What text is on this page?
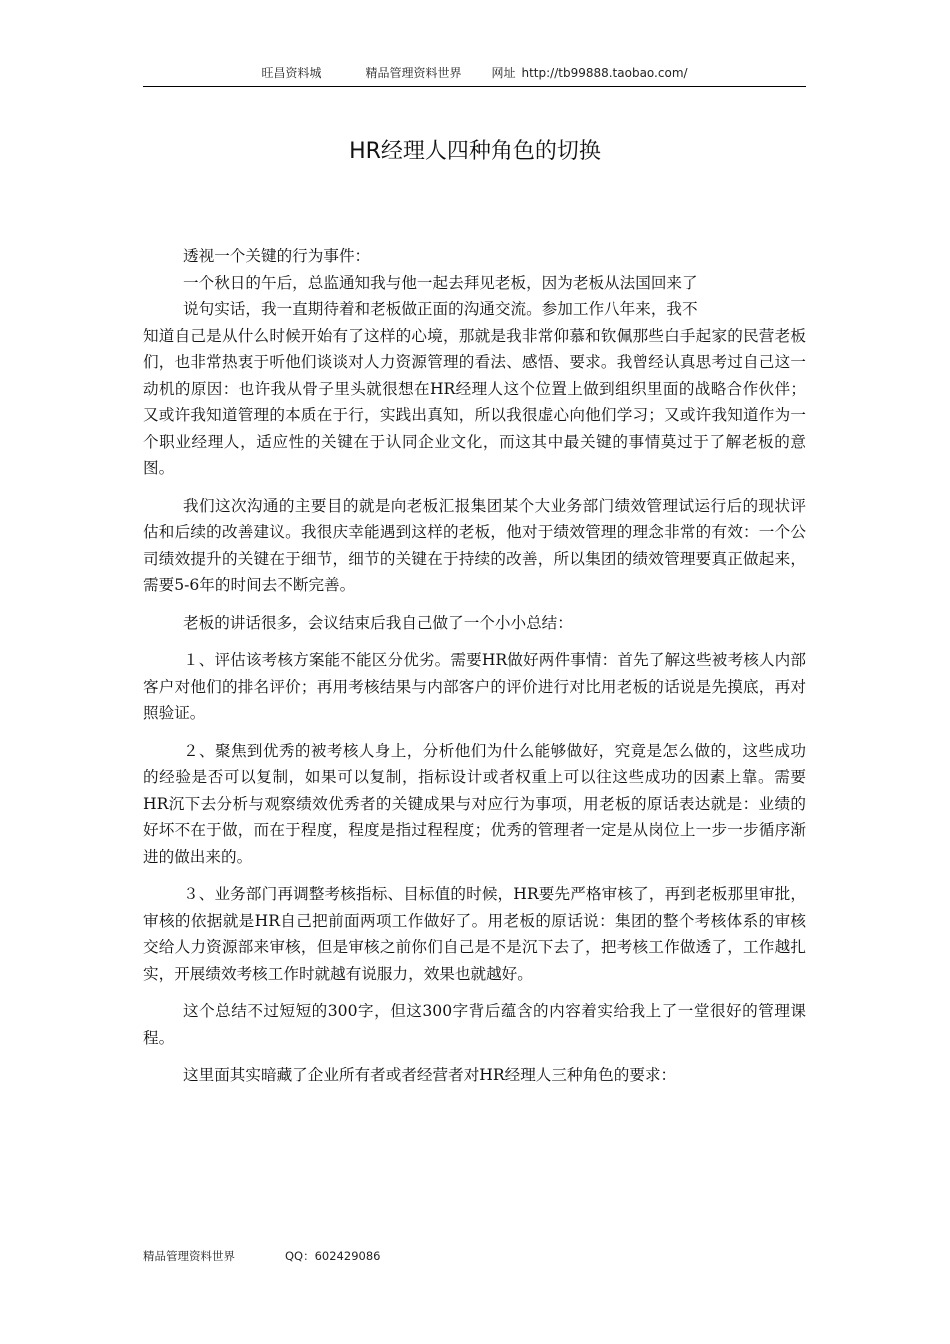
旺昌资料城	精品管理资料世界	网址 http://tb99888.taobao.com/
HR经理人四种角色的切换

透视一个关键的行为事件：

一个秋日的午后，总监通知我与他一起去拜见老板，因为老板从法国回来了

说句实话，我一直期待着和老板做正面的沟通交流。参加工作八年来，我不

知道自己是从什么时候开始有了这样的心境，那就是我非常仰慕和钦佩那些白手起家的民营老板们，也非常热衷于听他们谈谈对人力资源管理的看法、感悟、要求。我曾经认真思考过自己这一动机的原因：也许我从骨子里头就很想在HR经理人这个位置上做到组织里面的战略合作伙伴；又或许我知道管理的本质在于行，实践出真知，所以我很虚心向他们学习；又或许我知道作为一个职业经理人，适应性的关键在于认同企业文化，而这其中最关键的事情莫过于了解老板的意图。

我们这次沟通的主要目的就是向老板汇报集团某个大业务部门绩效管理试运行后的现状评估和后续的改善建议。我很庆幸能遇到这样的老板，他对于绩效管理的理念非常的有效：一个公司绩效提升的关键在于细节，细节的关键在于持续的改善，所以集团的绩效管理要真正做起来，需要5-6年的时间去不断完善。

老板的讲话很多，会议结束后我自己做了一个小小总结：

１、评估该考核方案能不能区分优劣。需要HR做好两件事情：首先了解这些被考核人内部客户对他们的排名评价；再用考核结果与内部客户的评价进行对比用老板的话说是先摸底，再对照验证。

２、聚焦到优秀的被考核人身上，分析他们为什么能够做好，究竟是怎么做的，这些成功的经验是否可以复制，如果可以复制，指标设计或者权重上可以往这些成功的因素上靠。需要HR沉下去分析与观察绩效优秀者的关键成果与对应行为事项，用老板的原话表达就是：业绩的好坏不在于做，而在于程度，程度是指过程程度；优秀的管理者一定是从岗位上一步一步循序渐进的做出来的。

３、业务部门再调整考核指标、目标值的时候，HR要先严格审核了，再到老板那里审批，审核的依据就是HR自己把前面两项工作做好了。用老板的原话说：集团的整个考核体系的审核交给人力资源部来审核，但是审核之前你们自己是不是沉下去了，把考核工作做透了，工作越扎实，开展绩效考核工作时就越有说服力，效果也就越好。

这个总结不过短短的300字，但这300字背后蕴含的内容着实给我上了一堂很好的管理课程。

这里面其实暗藏了企业所有者或者经营者对HR经理人三种角色的要求：

精品管理资料世界	QQ：602429086
